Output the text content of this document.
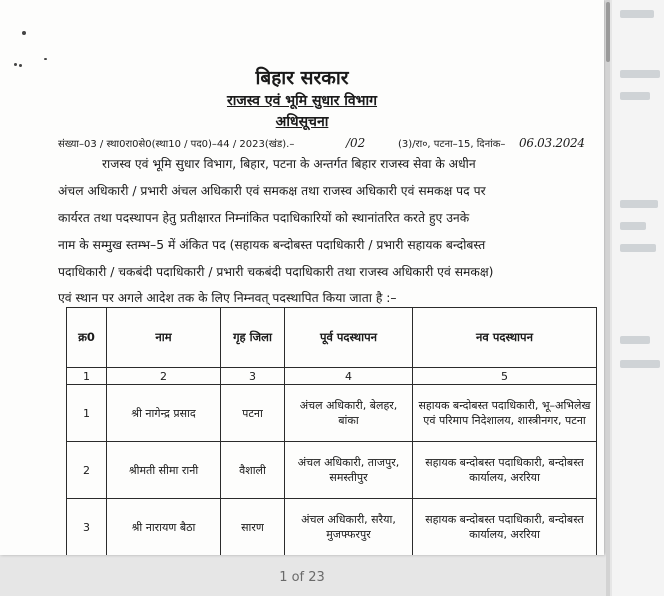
बिहार सरकार
राजस्व एवं भूमि सुधार विभाग
अधिसूचना
संख्या–03 / स्था0रा0से0(स्था10 / पद0)–44 / 2023(खंड).–	/02	(3)/रा०, पटना–15, दिनांक– 06.03.2024
राजस्व एवं भूमि सुधार विभाग, बिहार, पटना के अन्तर्गत बिहार राजस्व सेवा के अधीन
अंचल अधिकारी / प्रभारी अंचल अधिकारी एवं समकक्ष तथा राजस्व अधिकारी एवं समकक्ष पद पर
कार्यरत तथा पदस्थापन हेतु प्रतीक्षारत निम्नांकित पदाधिकारियों को स्थानांतरित करते हुए उनके
नाम के सम्मुख स्तम्भ–5 में अंकित पद (सहायक बन्दोबस्त पदाधिकारी / प्रभारी सहायक बन्दोबस्त
पदाधिकारी / चकबंदी पदाधिकारी / प्रभारी चकबंदी पदाधिकारी तथा राजस्व अधिकारी एवं समकक्ष)
एवं स्थान पर अगले आदेश तक के लिए निम्नवत् पदस्थापित किया जाता है :–
क्र0	नाम	गृह जिला	पूर्व पदस्थापन	नव पदस्थापन
1	2	3	4	5
1	श्री नागेन्द्र प्रसाद	पटना	अंचल अधिकारी, बेलहर, बांका	सहायक बन्दोबस्त पदाधिकारी, भू–अभिलेख एवं परिमाप निदेशालय, शास्त्रीनगर, पटना
2	श्रीमती सीमा रानी	वैशाली	अंचल अधिकारी, ताजपुर, समस्तीपुर	सहायक बन्दोबस्त पदाधिकारी, बन्दोबस्त कार्यालय, अररिया
3	श्री नारायण बैठा	सारण	अंचल अधिकारी, सरैया, मुजफ्फरपुर	सहायक बन्दोबस्त पदाधिकारी, बन्दोबस्त कार्यालय, अररिया
1 of 23
